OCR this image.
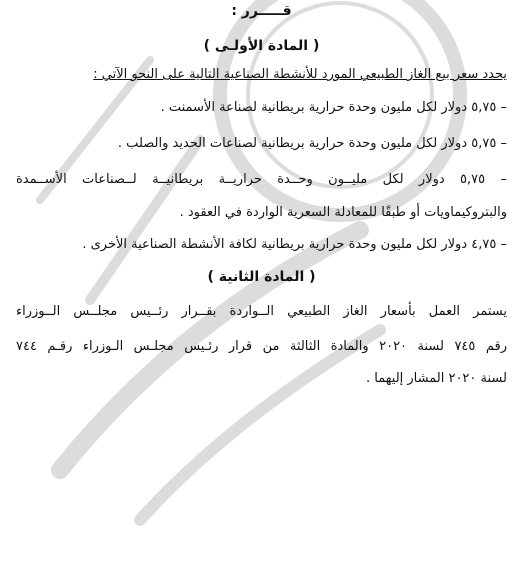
قـــــرر :
( المادة الأولـى )
يحدد سعر بيع الغاز الطبيعي المورد للأنشطة الصناعية التالية على النحو الآتي :
– ٥,٧٥ دولار لكل مليون وحدة حرارية بريطانية لصناعة الأسمنت .
– ٥,٧٥ دولار لكل مليون وحدة حرارية بريطانية لصناعات الحديد والصلب .
– ٥,٧٥ دولار لكل مليــون وحــدة حراريــة بريطانيــة لــصناعات الأســمدة
والبتروكيماويات أو طبقًا للمعادلة السعرية الواردة في العقود .
– ٤,٧٥ دولار لكل مليون وحدة حرارية بريطانية لكافة الأنشطة الصناعية الأخرى .
( المادة الثانية )
يستمر العمل بأسعار الغاز الطبيعي الــواردة بقــرار رئــيس مجلــس الــوزراء
رقم ٧٤٥ لسنة ٢٠٢٠ والمادة الثالثة من قرار رئـيس مجلـس الـوزراء رقـم ٧٤٤
لسنة ٢٠٢٠ المشار إليهما .
